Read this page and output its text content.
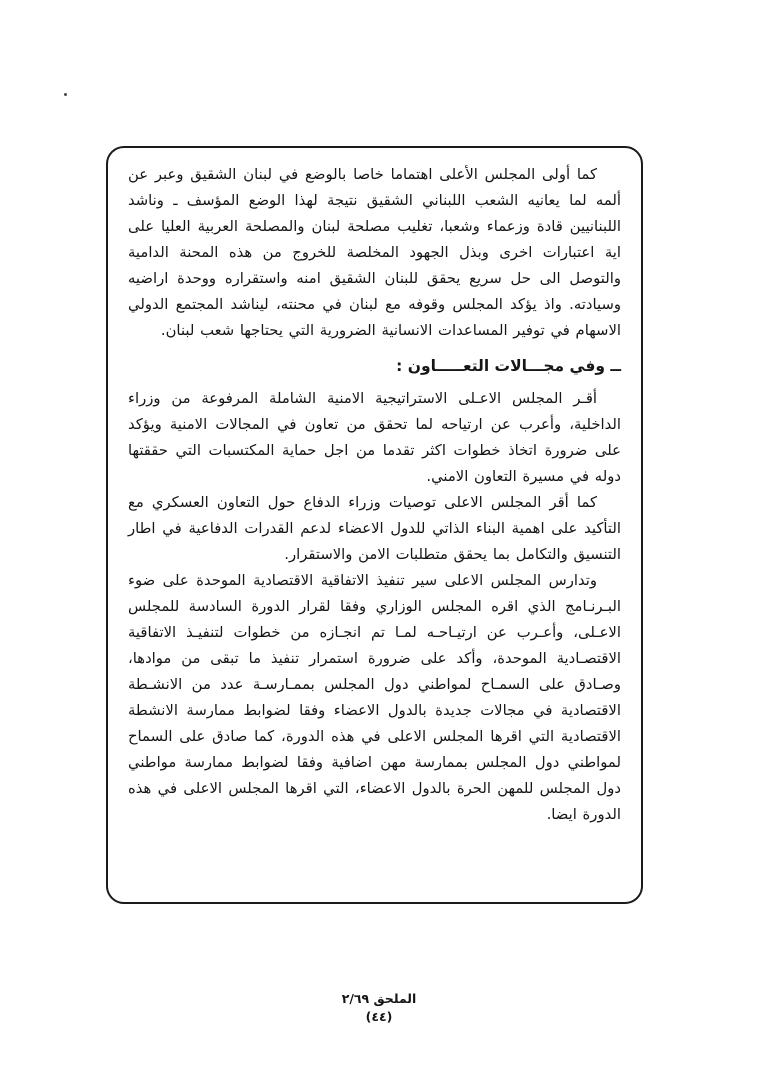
كما أولى المجلس الأعلى اهتماما خاصا بالوضع في لبنان الشقيق وعبر عن ألمه لما يعانيه الشعب اللبناني الشقيق نتيجة لهذا الوضع المؤسف ـ وناشد اللبنانيين قادة وزعماء وشعبا، تغليب مصلحة لبنان والمصلحة العربية العليا على اية اعتبارات اخرى وبذل الجهود المخلصة للخروج من هذه المحنة الدامية والتوصل الى حل سريع يحقق للبنان الشقيق امنه واستقراره ووحدة اراضيه وسيادته. واذ يؤكد المجلس وقوفه مع لبنان في محنته، ليناشد المجتمع الدولي الاسهام في توفير المساعدات الانسانية الضرورية التي يحتاجها شعب لبنان.

ــ وفي مجـــالات التعـــــاون :

أقـر المجلس الاعـلى الاستراتيجية الامنية الشاملة المرفوعة من وزراء الداخلية، وأعرب عن ارتياحه لما تحقق من تعاون في المجالات الامنية ويؤكد على ضرورة اتخاذ خطوات اكثر تقدما من اجل حماية المكتسبات التي حققتها دوله في مسيرة التعاون الامني.

كما أقر المجلس الاعلى توصيات وزراء الدفاع حول التعاون العسكري مع التأكيد على اهمية البناء الذاتي للدول الاعضاء لدعم القدرات الدفاعية في اطار التنسيق والتكامل بما يحقق متطلبات الامن والاستقرار.

وتدارس المجلس الاعلى سير تنفيذ الاتفاقية الاقتصادية الموحدة على ضوء البـرنـامج الذي اقره المجلس الوزاري وفقا لقرار الدورة السادسة للمجلس الاعـلى، وأعـرب عن ارتيـاحـه لمـا تم انجـازه من خطوات لتنفيـذ الاتفاقية الاقتصـادية الموحدة، وأكد على ضرورة استمرار تنفيذ ما تبقى من موادها، وصـادق على السمـاح لمواطني دول المجلس بممـارسـة عدد من الانشـطة الاقتصادية في مجالات جديدة بالدول الاعضاء وفقا لضوابط ممارسة الانشطة الاقتصادية التي اقرها المجلس الاعلى في هذه الدورة، كما صادق على السماح لمواطني دول المجلس بممارسة مهن اضافية وفقا لضوابط ممارسة مواطني دول المجلس للمهن الحرة بالدول الاعضاء، التي اقرها المجلس الاعلى في هذه الدورة ايضا.

الملحق ٢/٦٩
(٤٤)
